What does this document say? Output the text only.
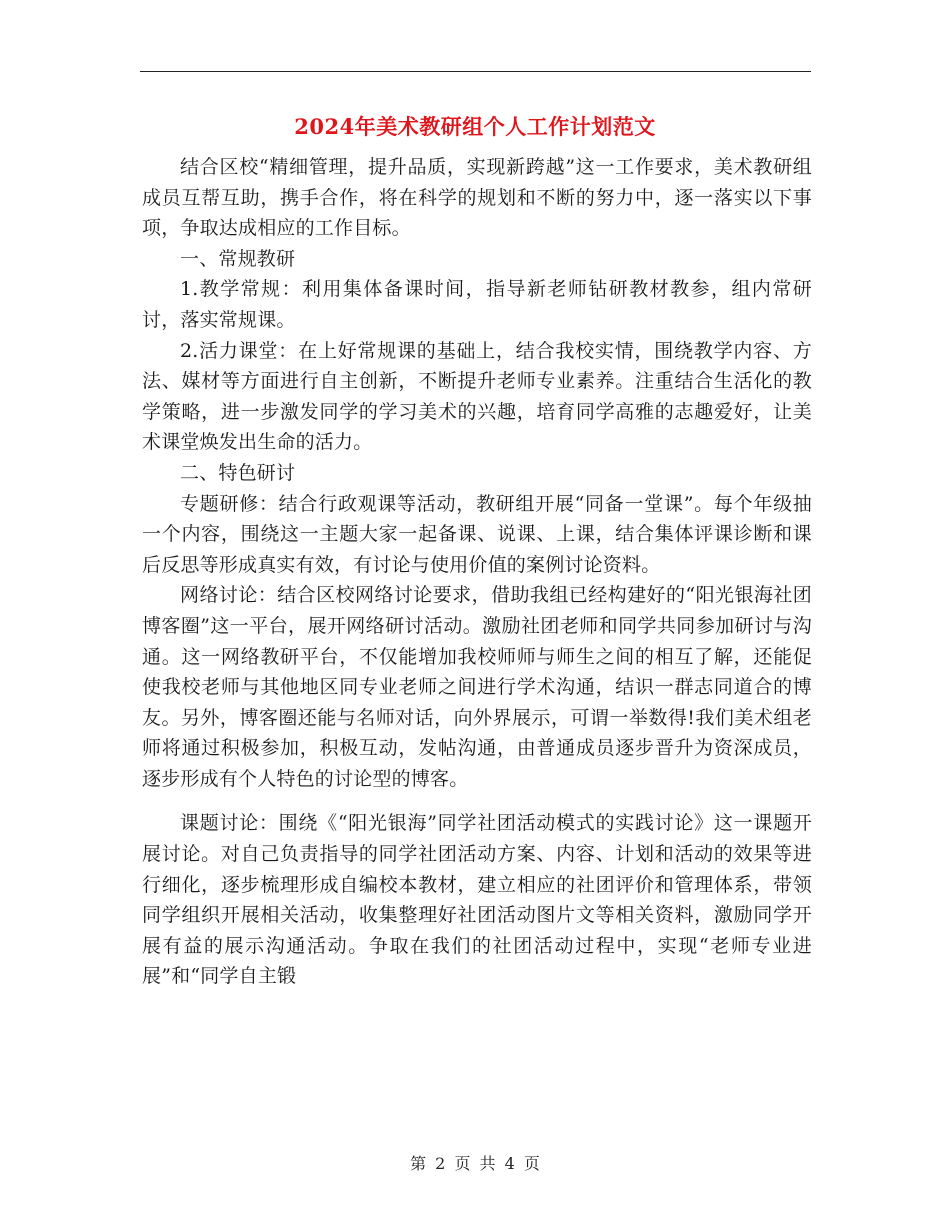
2024年美术教研组个人工作计划范文

结合区校“精细管理，提升品质，实现新跨越”这一工作要求，美术教研组成员互帮互助，携手合作，将在科学的规划和不断的努力中，逐一落实以下事项，争取达成相应的工作目标。

一、常规教研

1.教学常规：利用集体备课时间，指导新老师钻研教材教参，组内常研讨，落实常规课。

2.活力课堂：在上好常规课的基础上，结合我校实情，围绕教学内容、方法、媒材等方面进行自主创新，不断提升老师专业素养。注重结合生活化的教学策略，进一步激发同学的学习美术的兴趣，培育同学高雅的志趣爱好，让美术课堂焕发出生命的活力。

二、特色研讨

专题研修：结合行政观课等活动，教研组开展“同备一堂课”。每个年级抽一个内容，围绕这一主题大家一起备课、说课、上课，结合集体评课诊断和课后反思等形成真实有效，有讨论与使用价值的案例讨论资料。

网络讨论：结合区校网络讨论要求，借助我组已经构建好的“阳光银海社团博客圈”这一平台，展开网络研讨活动。激励社团老师和同学共同参加研讨与沟通。这一网络教研平台，不仅能增加我校师师与师生之间的相互了解，还能促使我校老师与其他地区同专业老师之间进行学术沟通，结识一群志同道合的博友。另外，博客圈还能与名师对话，向外界展示，可谓一举数得!我们美术组老师将通过积极参加，积极互动，发帖沟通，由普通成员逐步晋升为资深成员，逐步形成有个人特色的讨论型的博客。

课题讨论：围绕《“阳光银海”同学社团活动模式的实践讨论》这一课题开展讨论。对自己负责指导的同学社团活动方案、内容、计划和活动的效果等进行细化，逐步梳理形成自编校本教材，建立相应的社团评价和管理体系，带领同学组织开展相关活动，收集整理好社团活动图片文等相关资料，激励同学开展有益的展示沟通活动。争取在我们的社团活动过程中，实现“老师专业进展”和“同学自主锻

第 2 页 共 4 页
